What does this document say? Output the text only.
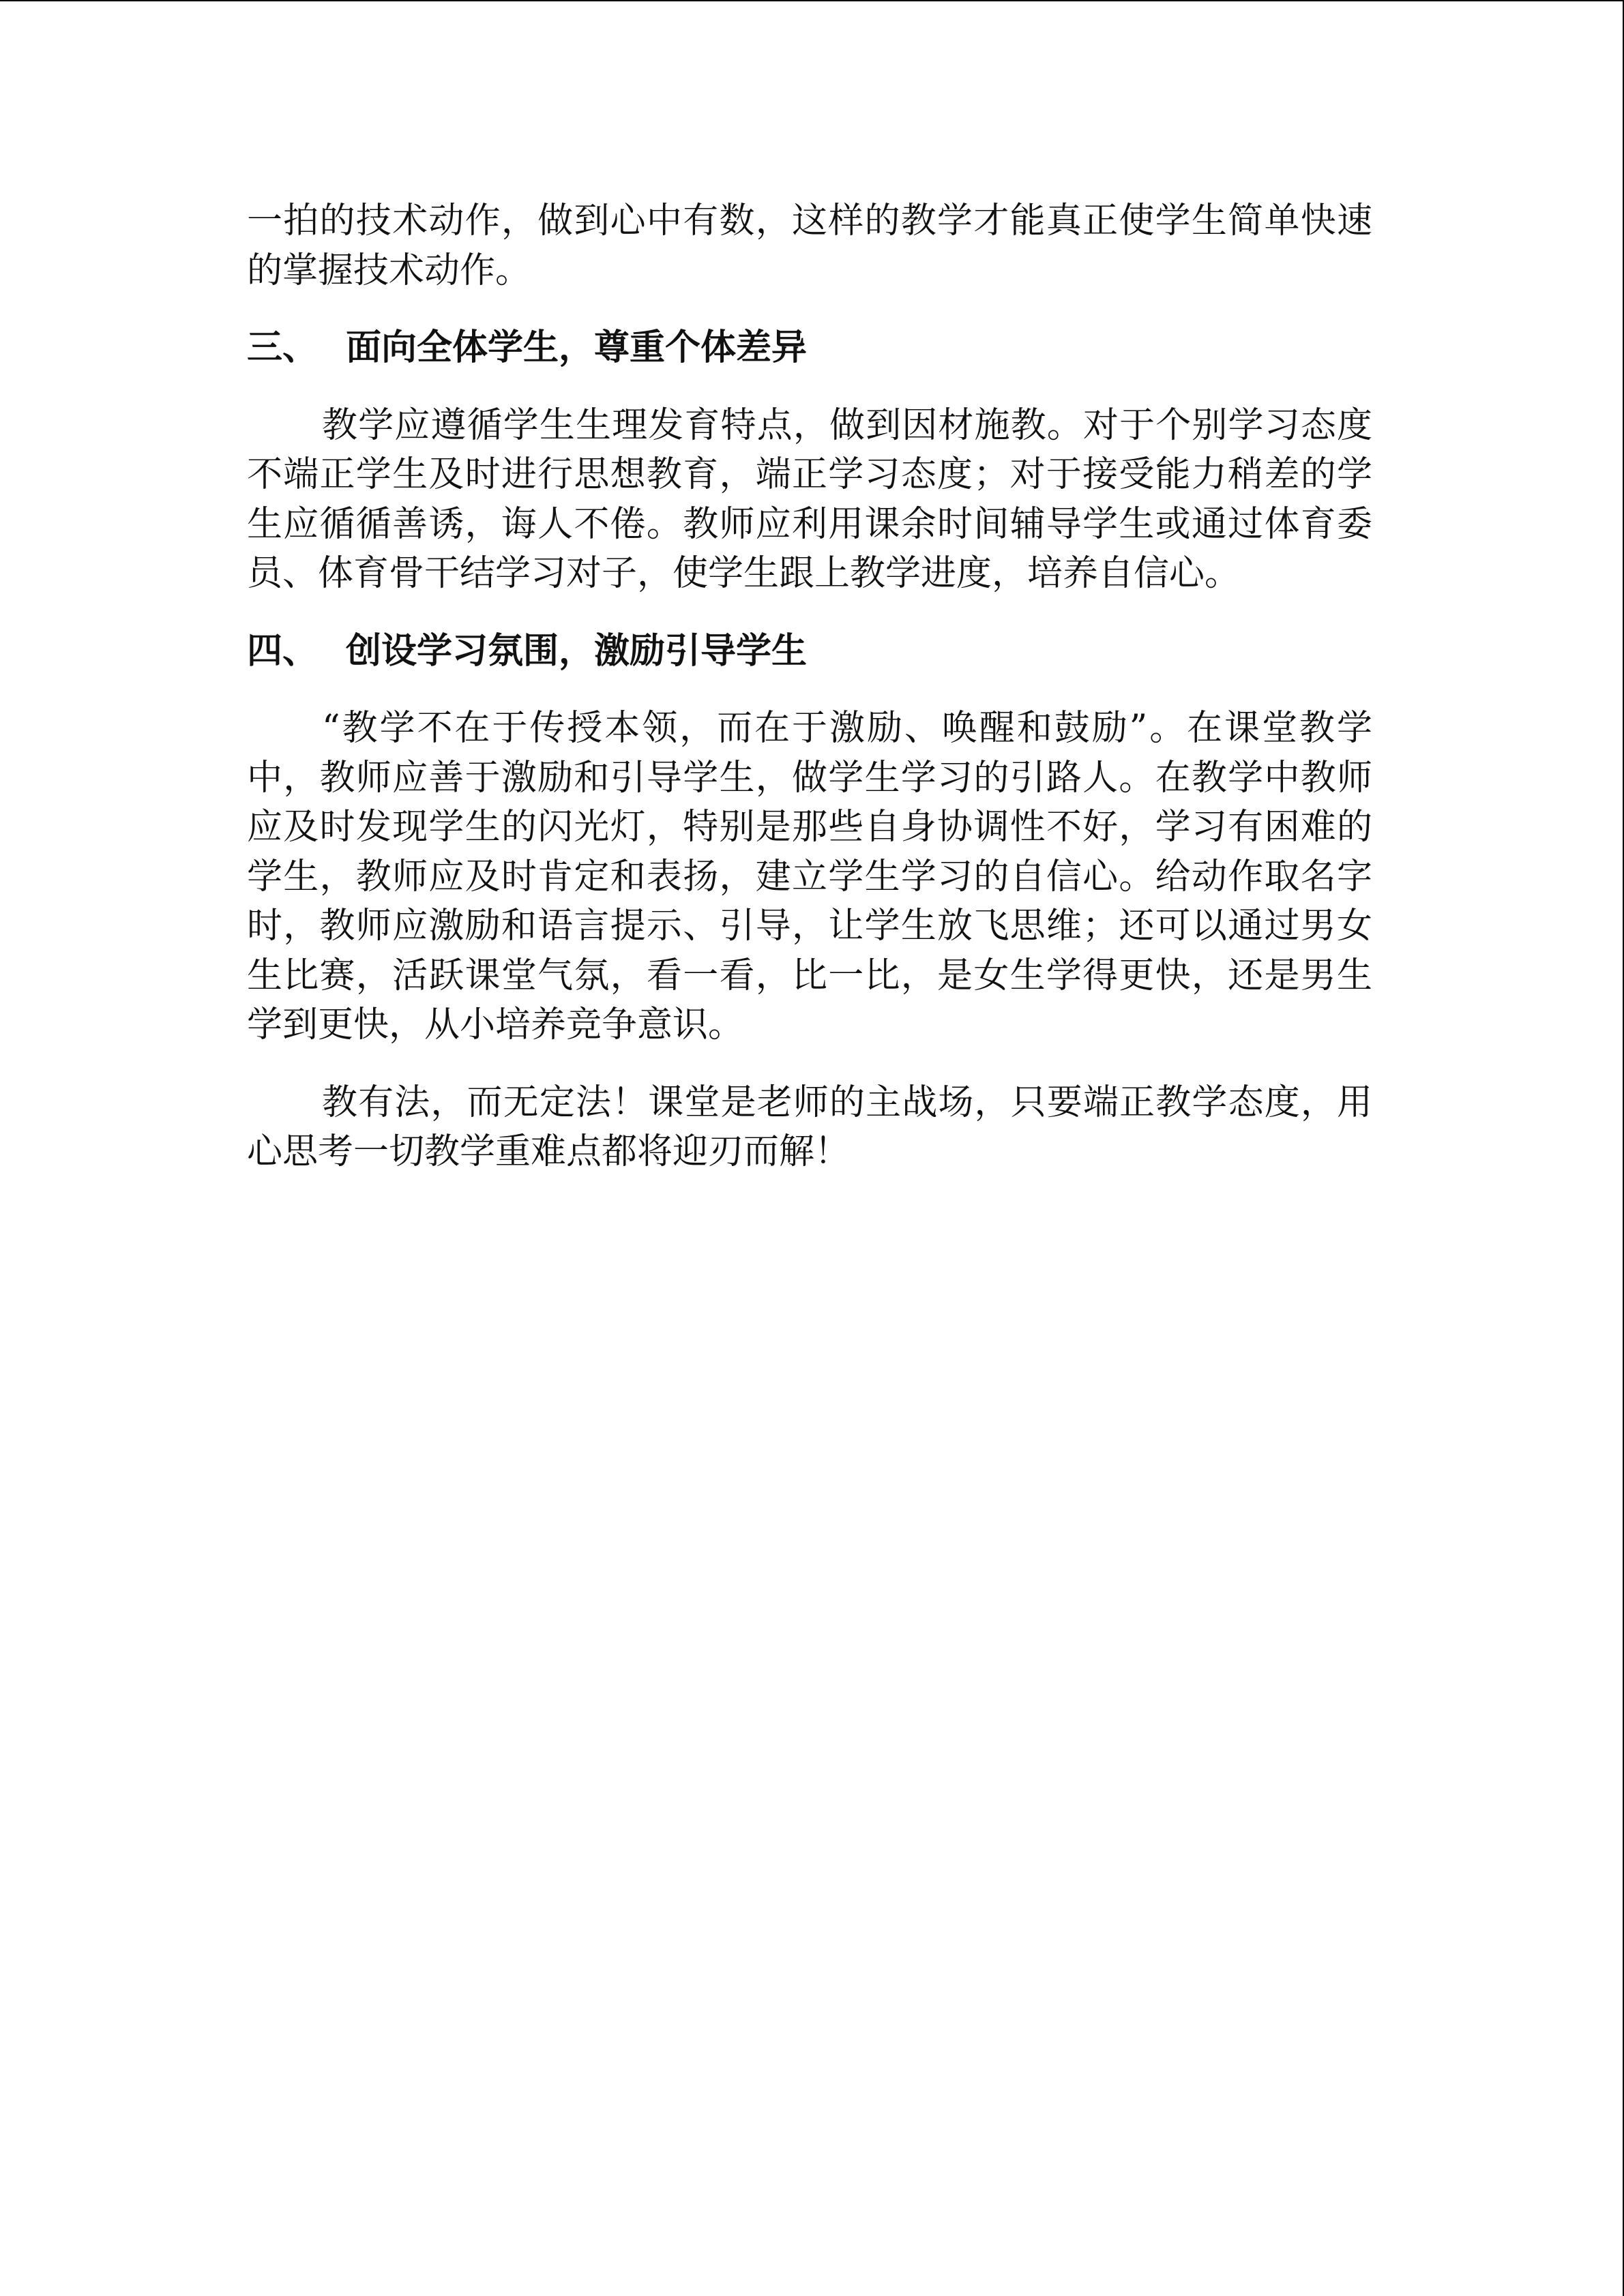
一拍的技术动作，做到心中有数，这样的教学才能真正使学生简单快速的掌握技术动作。

三、 面向全体学生，尊重个体差异

教学应遵循学生生理发育特点，做到因材施教。对于个别学习态度不端正学生及时进行思想教育，端正学习态度；对于接受能力稍差的学生应循循善诱，诲人不倦。教师应利用课余时间辅导学生或通过体育委员、体育骨干结学习对子，使学生跟上教学进度，培养自信心。

四、 创设学习氛围，激励引导学生

“教学不在于传授本领，而在于激励、唤醒和鼓励”。在课堂教学中，教师应善于激励和引导学生，做学生学习的引路人。在教学中教师应及时发现学生的闪光灯，特别是那些自身协调性不好，学习有困难的学生，教师应及时肯定和表扬，建立学生学习的自信心。给动作取名字时，教师应激励和语言提示、引导，让学生放飞思维；还可以通过男女生比赛，活跃课堂气氛，看一看，比一比，是女生学得更快，还是男生学到更快，从小培养竞争意识。

教有法，而无定法！课堂是老师的主战场，只要端正教学态度，用心思考一切教学重难点都将迎刃而解！
